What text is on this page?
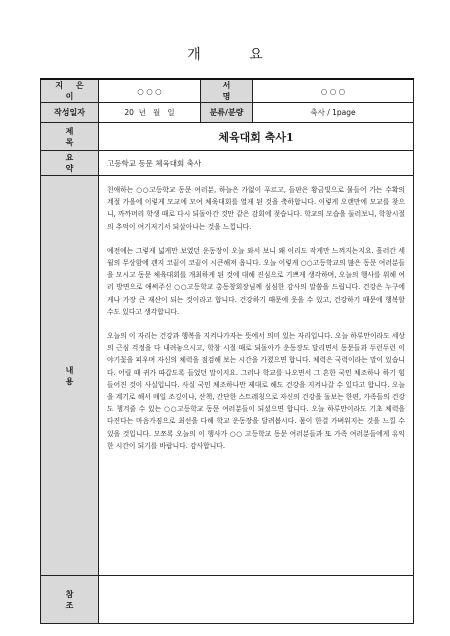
개 요
지 은 이	○ ○ ○	서 명	○ ○ ○
작성일자	20  년   월   일	분류/분량	축사 / 1page
제 목	체육대회 축사1		
요 약	고등학교 동문 체육대회 축사		
내 용	친애하는 ○○고등학교 동문 여러분, 하늘은 가없이 푸르고, 들판은 황금빛으로 물들어 가는 수확의 계절 가을에 이렇게 모교에 모여 체육대회를 열게 된 것을 축하합니다. 이렇게 오랜만에 모교를 찾으니, 까까머리 학생 때로 다시 되돌아간 것만 같은 감회에 젖습니다. 학교의 모습을 둘러보니, 학창시절의 추억이 여기저기서 되살아나는 것을 느낍니다.

예전에는 그렇게 넓게만 보였던 운동장이 오늘 와서 보니 왜 이리도 작게만 느껴지는지요. 흘러간 세월의 무상함에 괜지 코끝이 코끝이 시큰해져 옵니다. 오늘 이렇게 ○○고등학교의 많은 동문 여러분들을 모시고 동문 체육대회를 개최하게 된 것에 대해 진심으로 기쁘게 생각하며, 오늘의 행사를 위해 여러 방면으로 애써주신 ○○고등학교 총동창회장님께 심심한 감사의 말씀을 드립니다. 건강은 누구에게나 가장 큰 재산이 되는 것이라고 합니다. 건강하기 때문에 웃을 수 있고, 건강하기 때문에 행복할 수도 있다고 생각합니다.

오늘의 이 자리는 건강과 행복을 지켜나가자는 뜻에서 의미 있는 자리입니다. 오늘 하루만이라도 세상의 근심 걱정을 다 내려놓으시고, 학창 시절 때로 되돌아가 운동장도 달리면서 동문들과 두런두런 이야기꽃을 피우며 자신의 체력을 점검해 보는 시간을 가졌으면 합니다. 체력은 국력이라는 말이 있습니다. 어릴 때 귀가 따갑도록 들었던 말이지요. 그러나 학교를 나오면서 그 흔한 국민 체조하나 하기 힘들어진 것이 사실입니다. 사실 국민 체조하나만 제대로 해도 건강을 지켜나갈 수 있다고 합니다. 오늘을 계기로 해서 매일 조깅이나, 산책, 간단한 스트레칭으로 자신의 건강을 돌보는 한편, 가족들의 건강도 챙겨줄 수 있는 ○○고등학교 동문 여러분들이 되셨으면 합니다. 오늘 하루만이라도 기초 체력을 다진다는 마음가짐으로 최선을 다해 학교 운동장을 달려봅시다. 몸이 한결 가벼워지는 것을 느낄 수 있을 것입니다. 모쪼록 오늘의 이 행사가 ○○ 고등학교 동문 여러분들과 또 가족 여러분들에게 유익한 시간이 되기를 바랍니다. 감사합니다.		

참 조			
